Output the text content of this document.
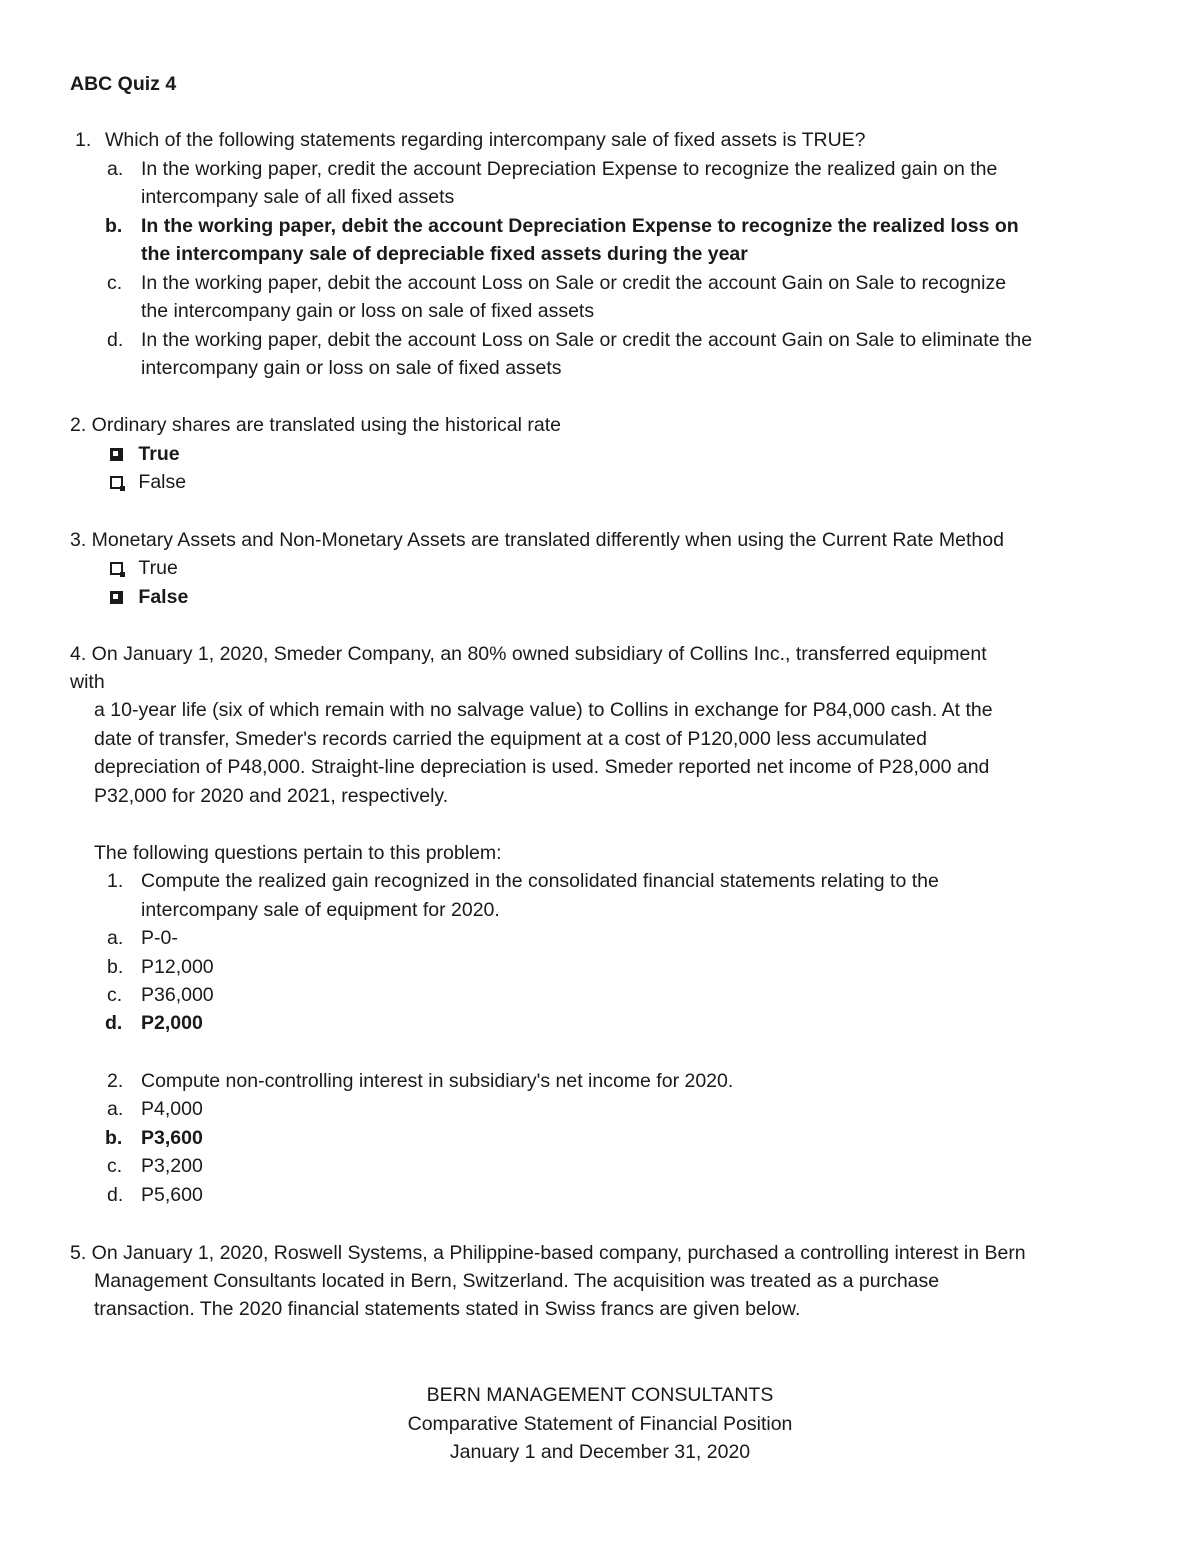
ABC Quiz 4
1. Which of the following statements regarding intercompany sale of fixed assets is TRUE?
a. In the working paper, credit the account Depreciation Expense to recognize the realized gain on the
intercompany sale of all fixed assets
b. In the working paper, debit the account Depreciation Expense to recognize the realized loss on
the intercompany sale of depreciable fixed assets during the year
c. In the working paper, debit the account Loss on Sale or credit the account Gain on Sale to recognize
the intercompany gain or loss on sale of fixed assets
d. In the working paper, debit the account Loss on Sale or credit the account Gain on Sale to eliminate the
intercompany gain or loss on sale of fixed assets
2. Ordinary shares are translated using the historical rate
True
False
3. Monetary Assets and Non-Monetary Assets are translated differently when using the Current Rate Method
True
False
4. On January 1, 2020, Smeder Company, an 80% owned subsidiary of Collins Inc., transferred equipment
with
a 10-year life (six of which remain with no salvage value) to Collins in exchange for P84,000 cash. At the
date of transfer, Smeder's records carried the equipment at a cost of P120,000 less accumulated
depreciation of P48,000. Straight-line depreciation is used. Smeder reported net income of P28,000 and
P32,000 for 2020 and 2021, respectively.
The following questions pertain to this problem:
1. Compute the realized gain recognized in the consolidated financial statements relating to the
intercompany sale of equipment for 2020.
a. P-0-
b. P12,000
c. P36,000
d. P2,000
2. Compute non-controlling interest in subsidiary's net income for 2020.
a. P4,000
b. P3,600
c. P3,200
d. P5,600
5. On January 1, 2020, Roswell Systems, a Philippine-based company, purchased a controlling interest in Bern
Management Consultants located in Bern, Switzerland. The acquisition was treated as a purchase
transaction. The 2020 financial statements stated in Swiss francs are given below.
BERN MANAGEMENT CONSULTANTS
Comparative Statement of Financial Position
January 1 and December 31, 2020
